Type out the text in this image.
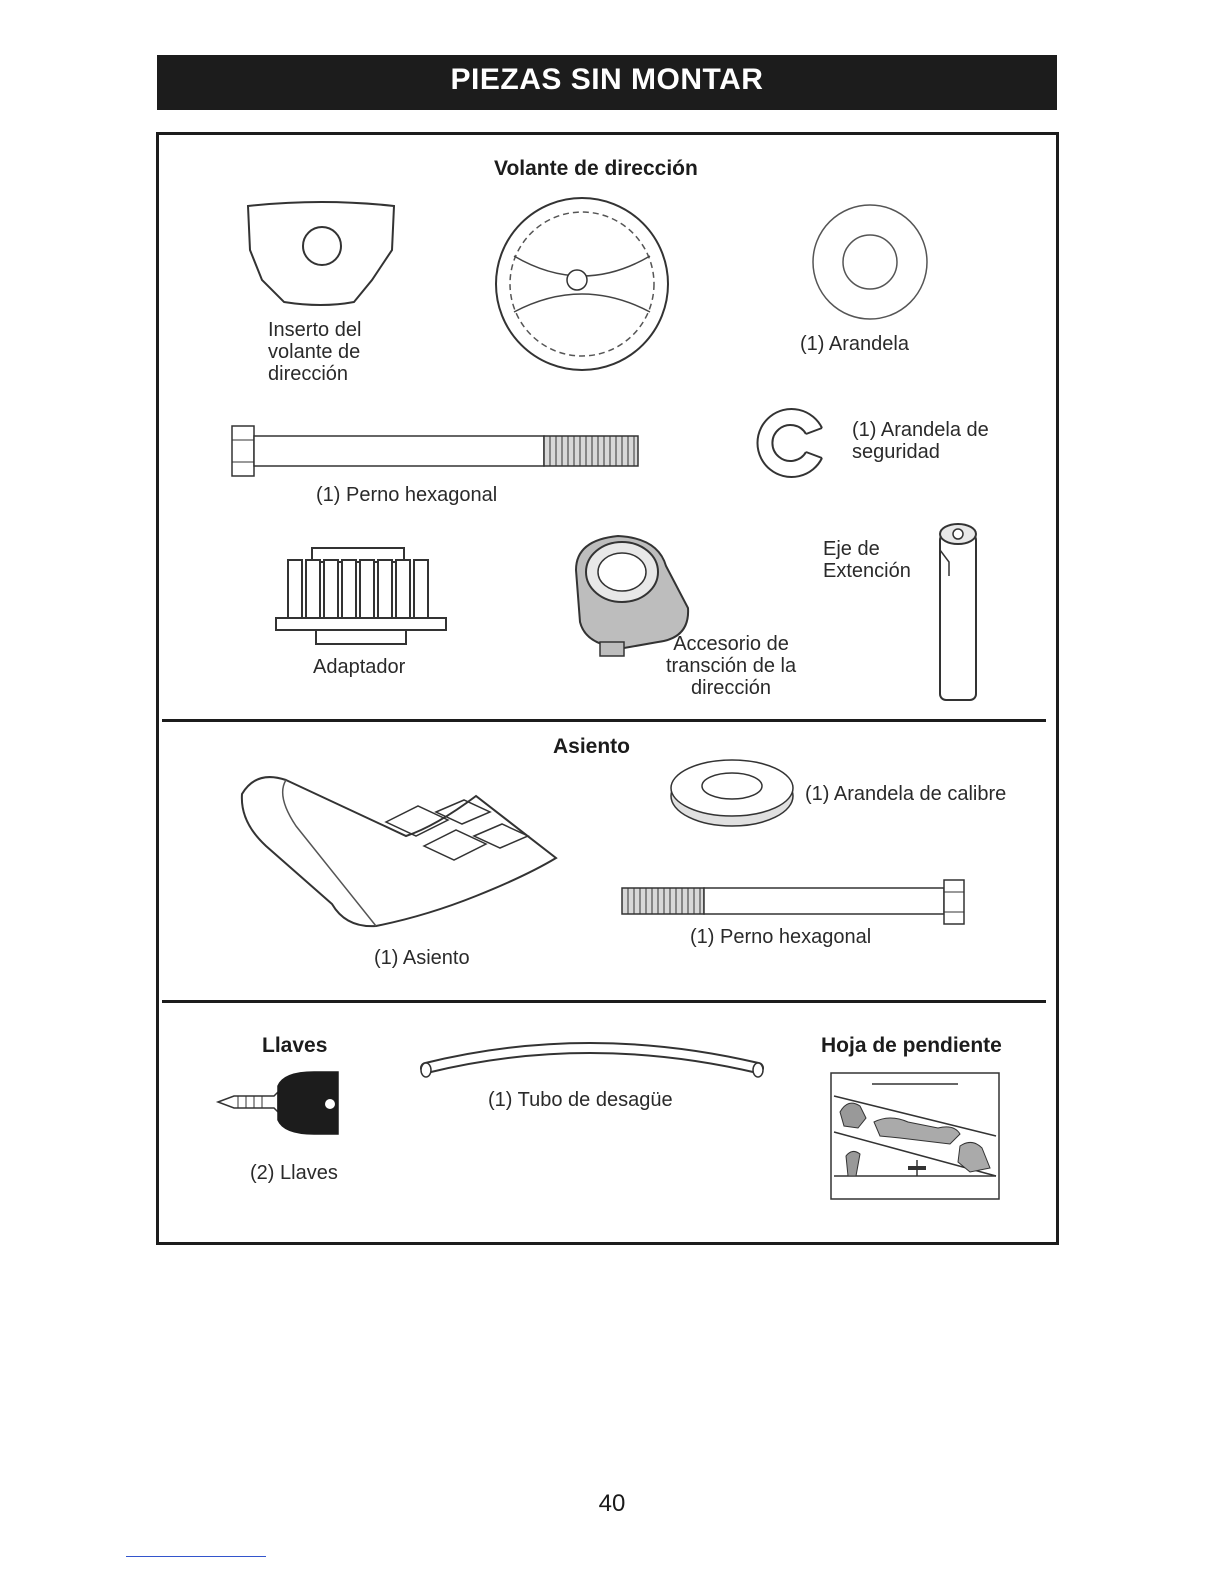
PIEZAS SIN MONTAR
Volante de dirección
Inserto del
volante de
dirección
(1) Arandela
(1) Perno hexagonal
(1) Arandela de
seguridad
Adaptador
Accesorio de
transción de la
dirección
Eje de
Extención
Asiento
(1) Asiento
(1) Arandela de calibre
(1) Perno hexagonal
Llaves
(2) Llaves
(1) Tubo de desagüe
Hoja de pendiente
40
